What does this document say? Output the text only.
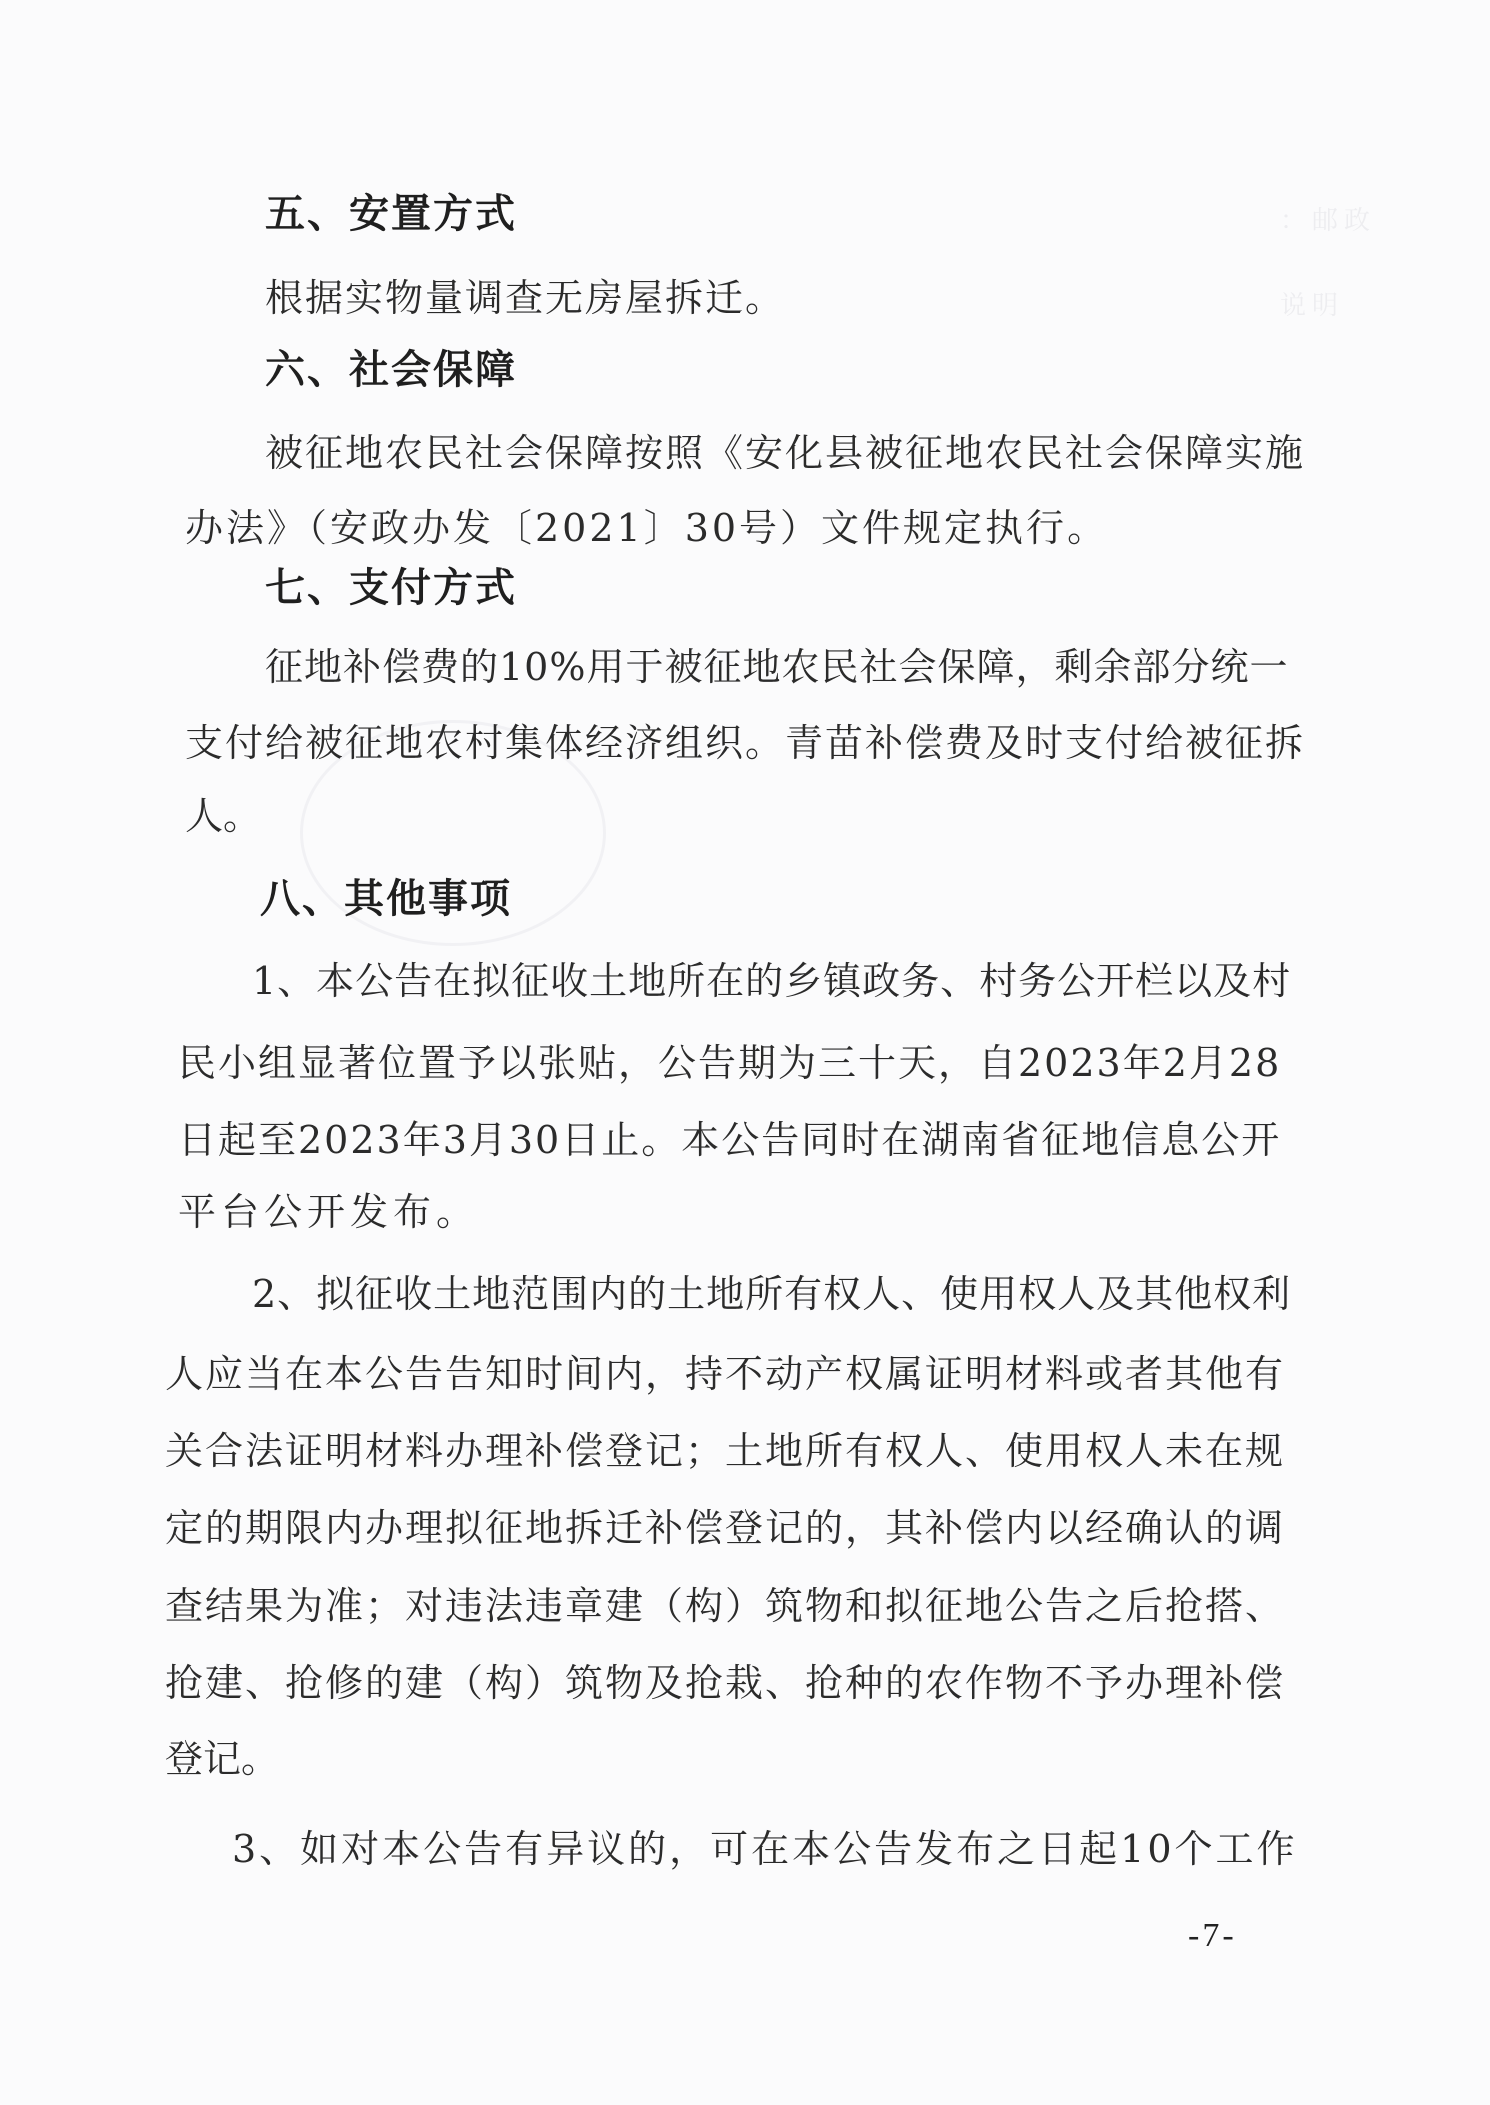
：邮政
说明
五、安置方式
根据实物量调查无房屋拆迁。
六、社会保障
被征地农民社会保障按照《安化县被征地农民社会保障实施
办法》（安政办发〔2021〕30号）文件规定执行。
七、支付方式
征地补偿费的10%用于被征地农民社会保障，剩余部分统一
支付给被征地农村集体经济组织。青苗补偿费及时支付给被征拆
人。
八、其他事项
1、本公告在拟征收土地所在的乡镇政务、村务公开栏以及村
民小组显著位置予以张贴，公告期为三十天，自2023年2月28
日起至2023年3月30日止。本公告同时在湖南省征地信息公开
平台公开发布。
2、拟征收土地范围内的土地所有权人、使用权人及其他权利
人应当在本公告告知时间内，持不动产权属证明材料或者其他有
关合法证明材料办理补偿登记；土地所有权人、使用权人未在规
定的期限内办理拟征地拆迁补偿登记的，其补偿内以经确认的调
查结果为准；对违法违章建（构）筑物和拟征地公告之后抢搭、
抢建、抢修的建（构）筑物及抢栽、抢种的农作物不予办理补偿
登记。
3、如对本公告有异议的，可在本公告发布之日起10个工作
-7-
